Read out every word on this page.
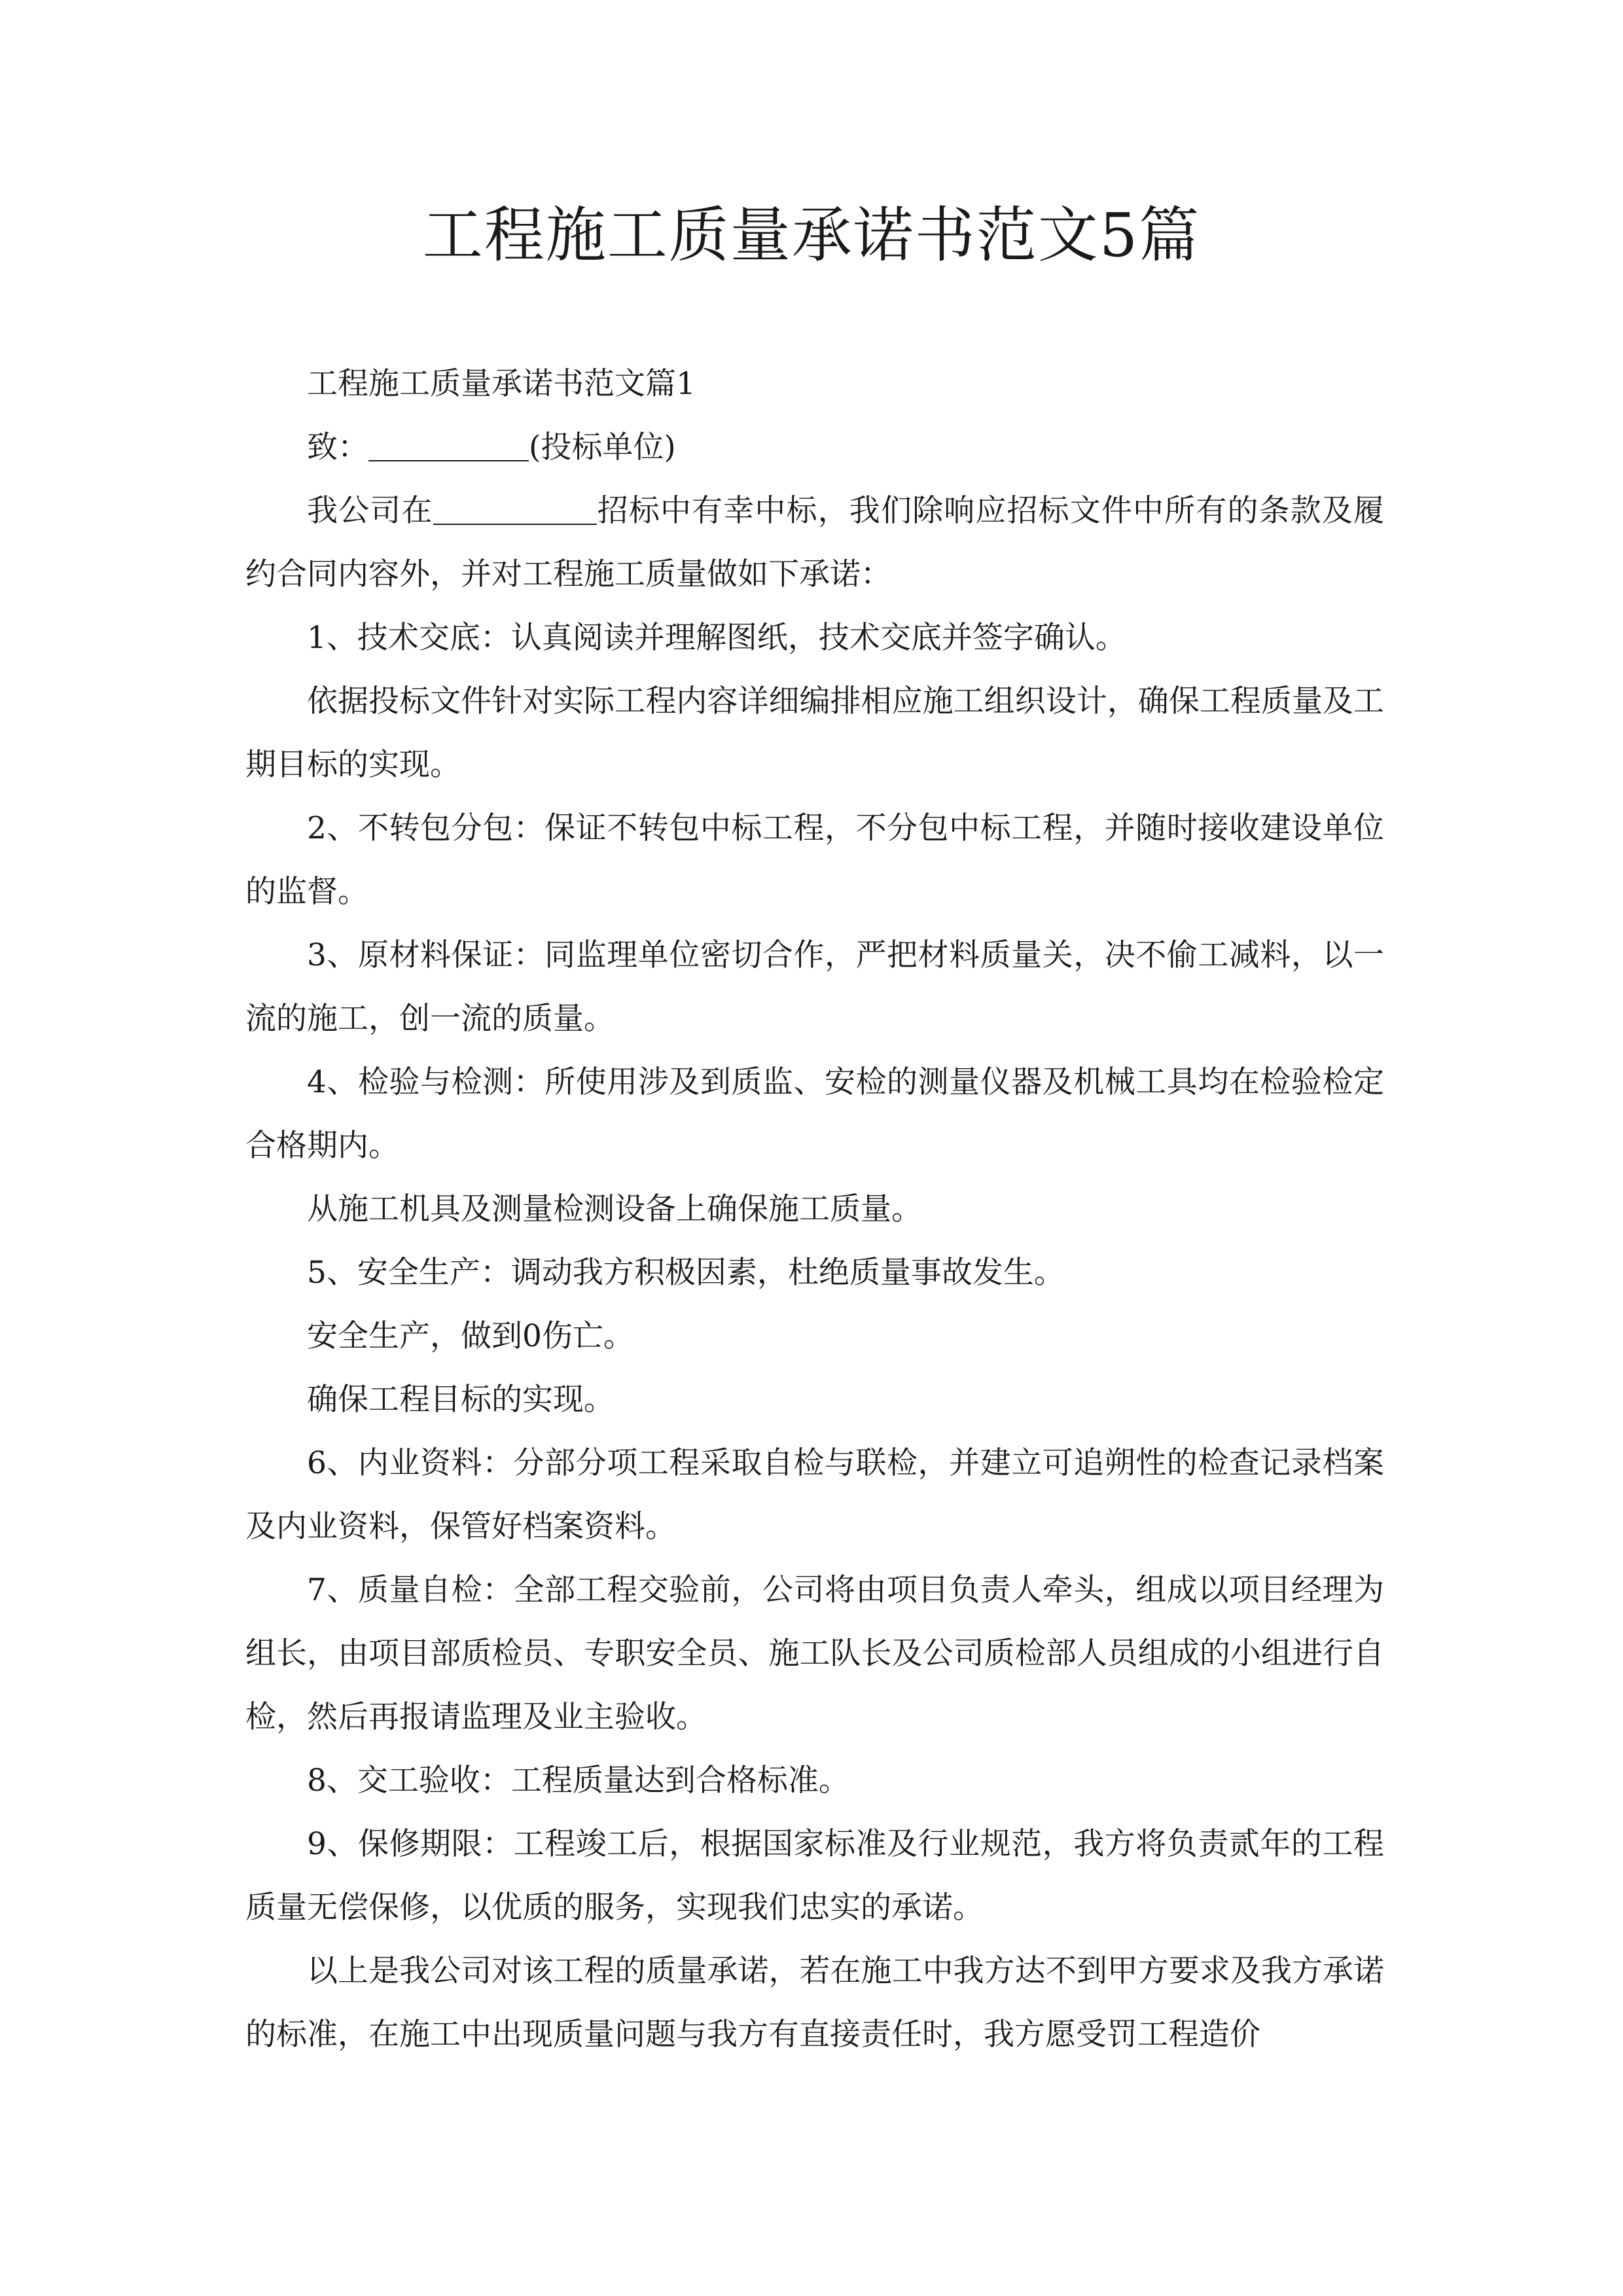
工程施工质量承诺书范文5篇

工程施工质量承诺书范文篇1

致：	(投标单位)

我公司在	招标中有幸中标，我们除响应招标文件中所有的条款及履约合同内容外，并对工程施工质量做如下承诺：

1、技术交底：认真阅读并理解图纸，技术交底并签字确认。

依据投标文件针对实际工程内容详细编排相应施工组织设计，确保工程质量及工期目标的实现。

2、不转包分包：保证不转包中标工程，不分包中标工程，并随时接收建设单位的监督。

3、原材料保证：同监理单位密切合作，严把材料质量关，决不偷工减料，以一流的施工，创一流的质量。

4、检验与检测：所使用涉及到质监、安检的测量仪器及机械工具均在检验检定合格期内。

从施工机具及测量检测设备上确保施工质量。

5、安全生产：调动我方积极因素，杜绝质量事故发生。

安全生产，做到0伤亡。

确保工程目标的实现。

6、内业资料：分部分项工程采取自检与联检，并建立可追朔性的检查记录档案及内业资料，保管好档案资料。

7、质量自检：全部工程交验前，公司将由项目负责人牵头，组成以项目经理为组长，由项目部质检员、专职安全员、施工队长及公司质检部人员组成的小组进行自检，然后再报请监理及业主验收。

8、交工验收：工程质量达到合格标准。

9、保修期限：工程竣工后，根据国家标准及行业规范，我方将负责贰年的工程质量无偿保修，以优质的服务，实现我们忠实的承诺。

以上是我公司对该工程的质量承诺，若在施工中我方达不到甲方要求及我方承诺的标准，在施工中出现质量问题与我方有直接责任时，我方愿受罚工程造价
